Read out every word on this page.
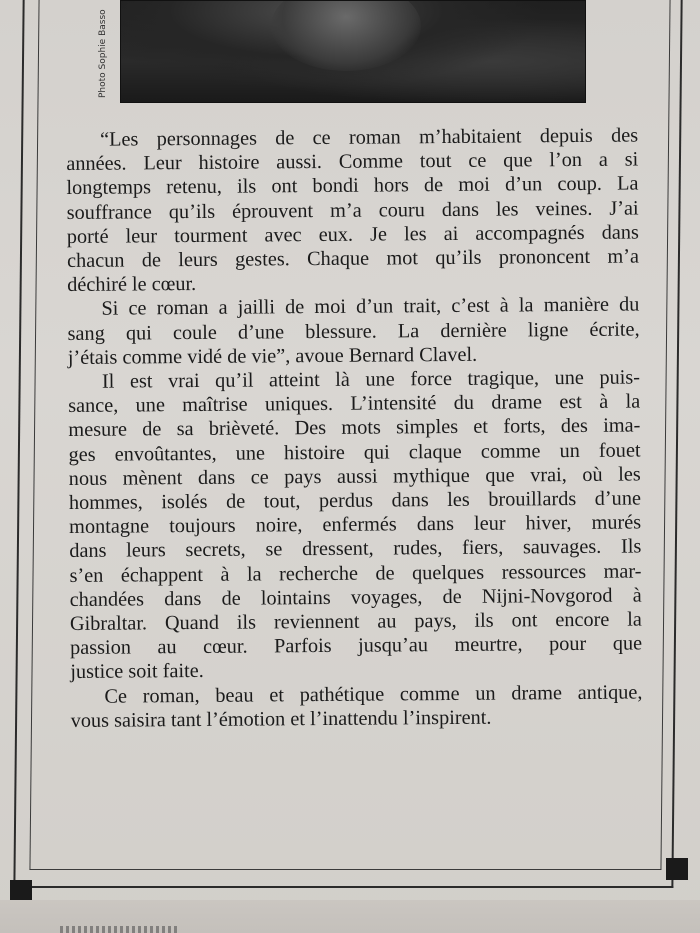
Photo Sophie Basso
“Les personnages de ce roman m’habitaient depuis des
années. Leur histoire aussi. Comme tout ce que l’on a si
longtemps retenu, ils ont bondi hors de moi d’un coup. La
souffrance qu’ils éprouvent m’a couru dans les veines. J’ai
porté leur tourment avec eux. Je les ai accompagnés dans
chacun de leurs gestes. Chaque mot qu’ils prononcent m’a
déchiré le cœur.
Si ce roman a jailli de moi d’un trait, c’est à la manière du
sang qui coule d’une blessure. La dernière ligne écrite,
j’étais comme vidé de vie”, avoue Bernard Clavel.
Il est vrai qu’il atteint là une force tragique, une puis-
sance, une maîtrise uniques. L’intensité du drame est à la
mesure de sa brièveté. Des mots simples et forts, des ima-
ges envoûtantes, une histoire qui claque comme un fouet
nous mènent dans ce pays aussi mythique que vrai, où les
hommes, isolés de tout, perdus dans les brouillards d’une
montagne toujours noire, enfermés dans leur hiver, murés
dans leurs secrets, se dressent, rudes, fiers, sauvages. Ils
s’en échappent à la recherche de quelques ressources mar-
chandées dans de lointains voyages, de Nijni-Novgorod à
Gibraltar. Quand ils reviennent au pays, ils ont encore la
passion au cœur. Parfois jusqu’au meurtre, pour que
justice soit faite.
Ce roman, beau et pathétique comme un drame antique,
vous saisira tant l’émotion et l’inattendu l’inspirent.
